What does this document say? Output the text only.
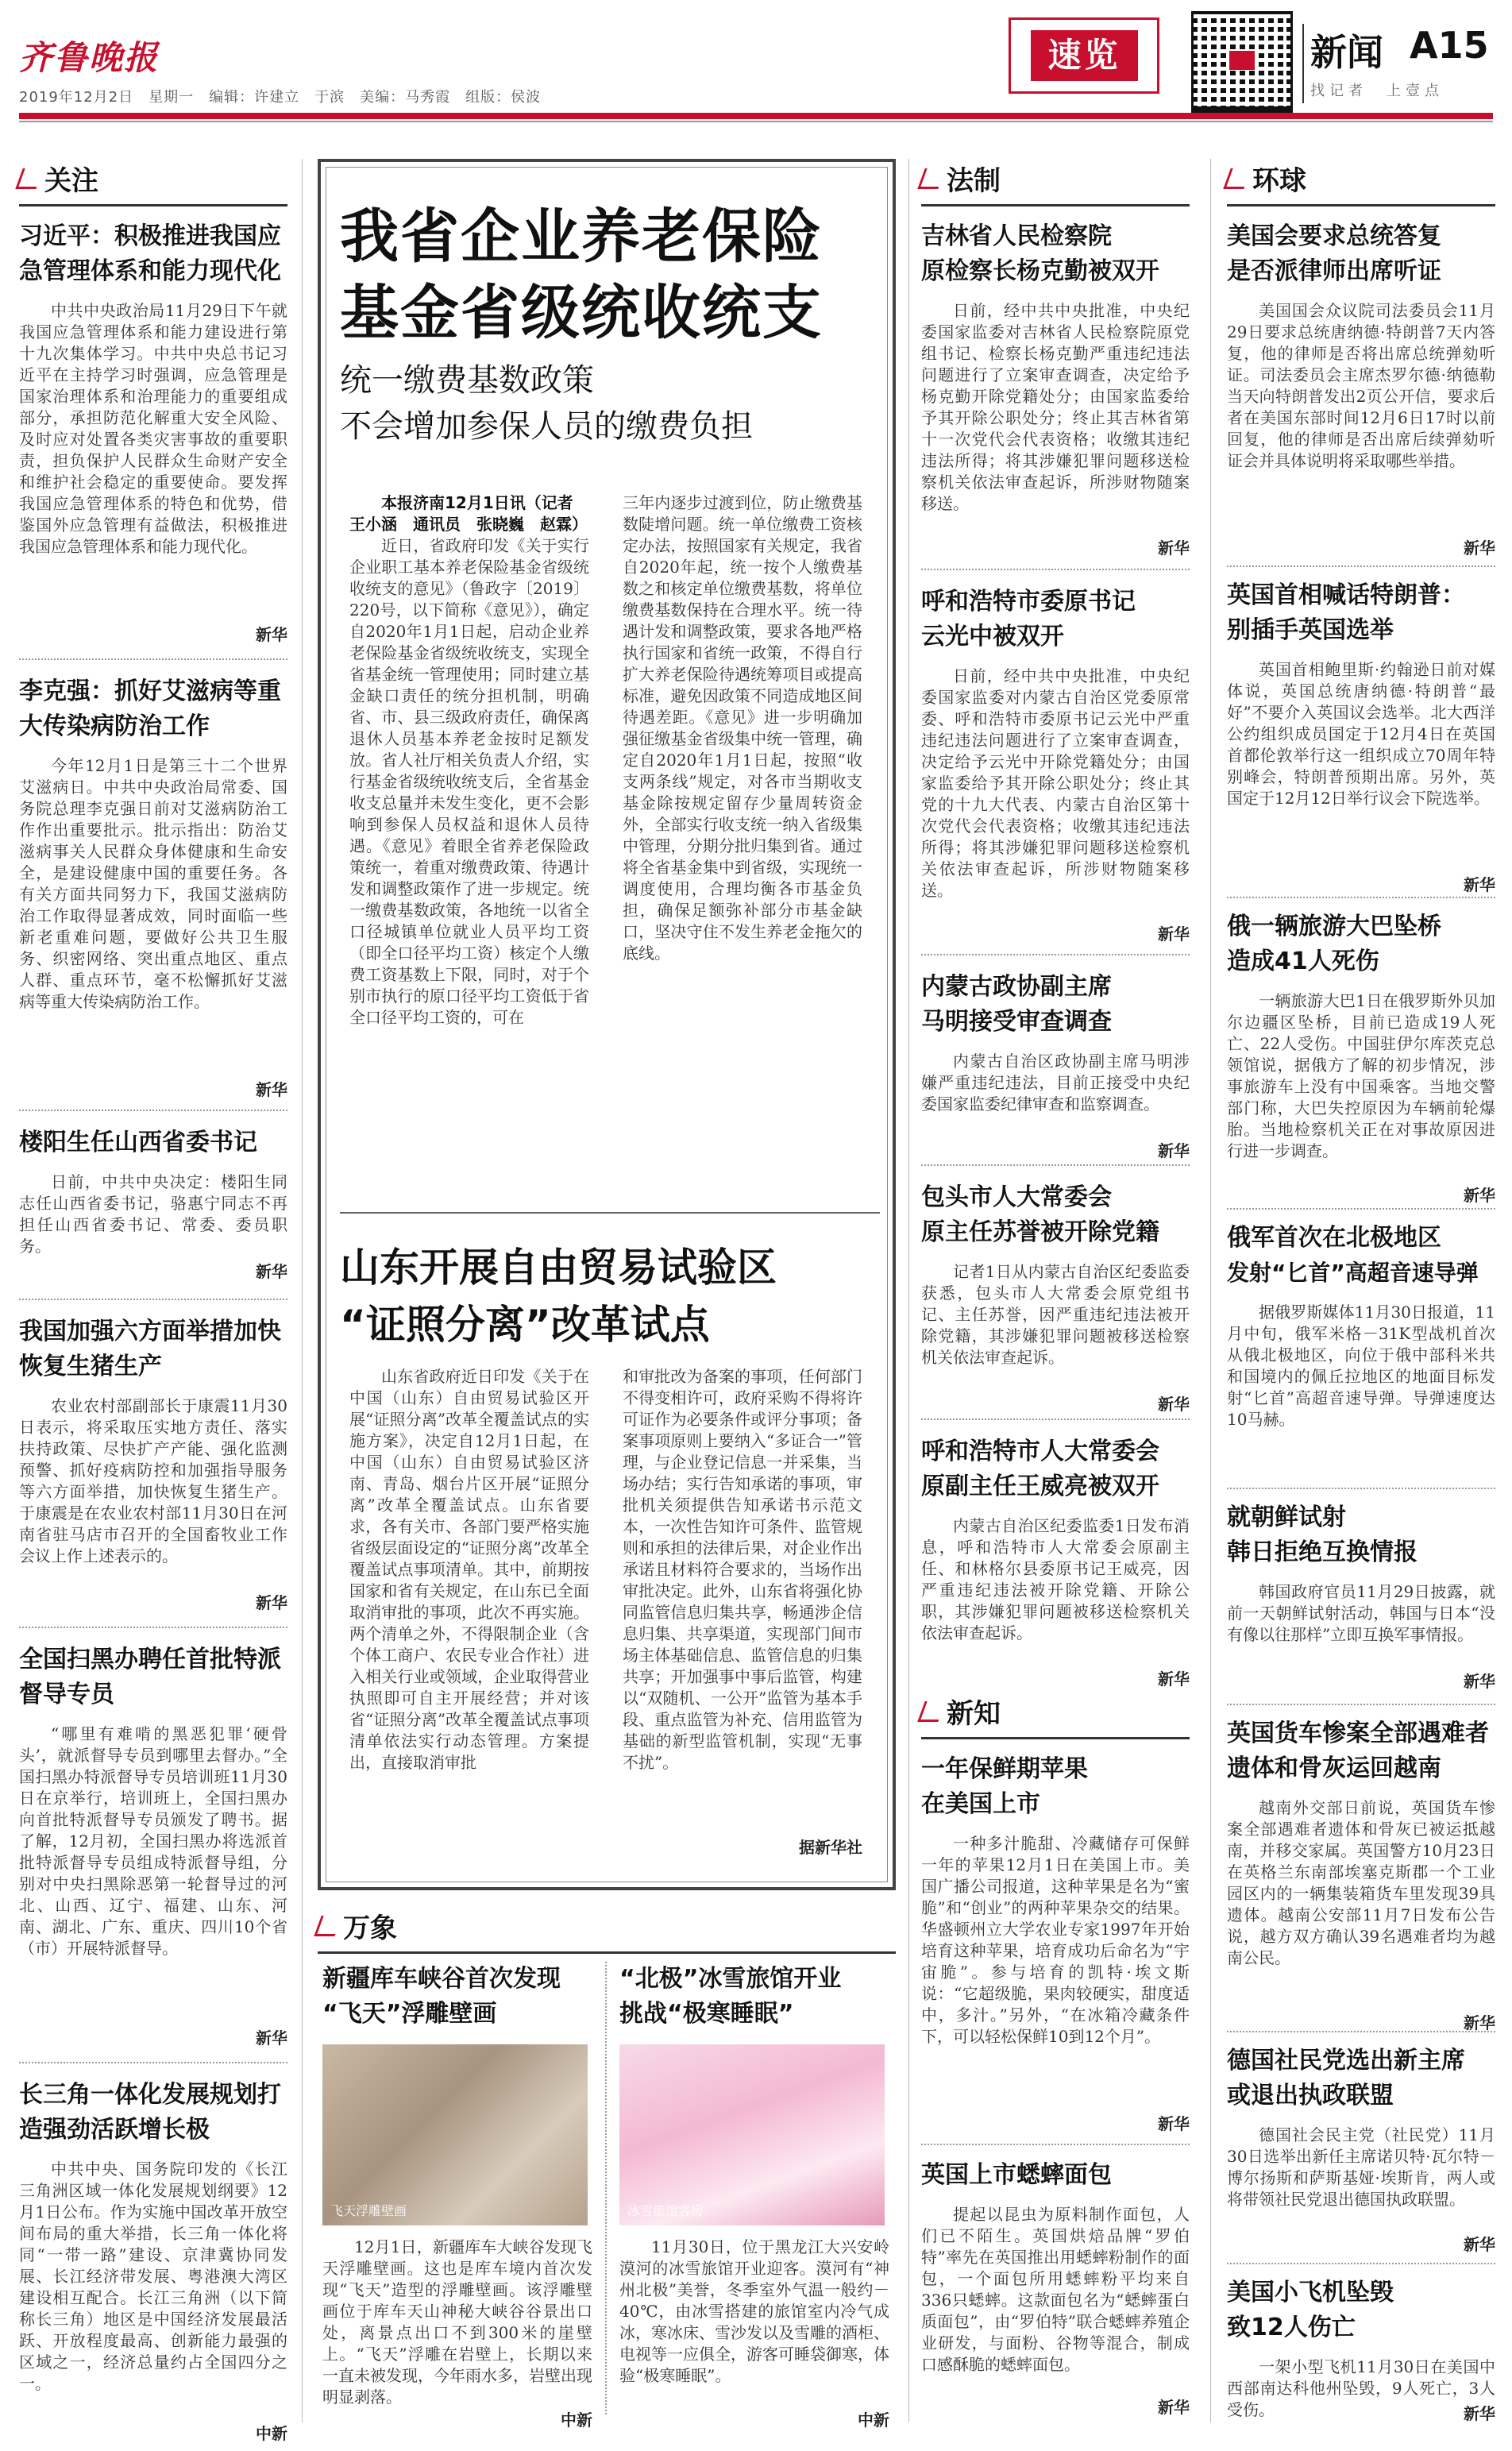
齐鲁晚报
2019年12月2日　星期一　编辑：许建立　于滨　美编：马秀霞　组版：侯波
速览	新闻 A15
找记者　上壹点
关注
习近平：积极推进我国应急管理体系和能力现代化
中共中央政治局11月29日下午就我国应急管理体系和能力建设进行第十九次集体学习。中共中央总书记习近平在主持学习时强调，应急管理是国家治理体系和治理能力的重要组成部分，承担防范化解重大安全风险、及时应对处置各类灾害事故的重要职责，担负保护人民群众生命财产安全和维护社会稳定的重要使命。要发挥我国应急管理体系的特色和优势，借鉴国外应急管理有益做法，积极推进我国应急管理体系和能力现代化。
新华
李克强：抓好艾滋病等重大传染病防治工作
今年12月1日是第三十二个世界艾滋病日。中共中央政治局常委、国务院总理李克强日前对艾滋病防治工作作出重要批示。批示指出：防治艾滋病事关人民群众身体健康和生命安全，是建设健康中国的重要任务。各有关方面共同努力下，我国艾滋病防治工作取得显著成效，同时面临一些新老重难问题，要做好公共卫生服务、织密网络、突出重点地区、重点人群、重点环节，毫不松懈抓好艾滋病等重大传染病防治工作。
新华
楼阳生任山西省委书记
日前，中共中央决定：楼阳生同志任山西省委书记，骆惠宁同志不再担任山西省委书记、常委、委员职务。
新华
我国加强六方面举措加快恢复生猪生产
农业农村部副部长于康震11月30日表示，将采取压实地方责任、落实扶持政策、尽快扩产产能、强化监测预警、抓好疫病防控和加强指导服务等六方面举措，加快恢复生猪生产。于康震是在农业农村部11月30日在河南省驻马店市召开的全国畜牧业工作会议上作上述表示的。
新华
全国扫黑办聘任首批特派督导专员
“哪里有难啃的黑恶犯罪‘硬骨头’，就派督导专员到哪里去督办。”全国扫黑办特派督导专员培训班11月30日在京举行，培训班上，全国扫黑办向首批特派督导专员颁发了聘书。据了解，12月初，全国扫黑办将选派首批特派督导专员组成特派督导组，分别对中央扫黑除恶第一轮督导过的河北、山西、辽宁、福建、山东、河南、湖北、广东、重庆、四川10个省（市）开展特派督导。
新华
长三角一体化发展规划打造强劲活跃增长极
中共中央、国务院印发的《长江三角洲区域一体化发展规划纲要》12月1日公布。作为实施中国改革开放空间布局的重大举措，长三角一体化将同“一带一路”建设、京津冀协同发展、长江经济带发展、粤港澳大湾区建设相互配合。长江三角洲（以下简称长三角）地区是中国经济发展最活跃、开放程度最高、创新能力最强的区域之一，经济总量约占全国四分之一。
中新
我省企业养老保险
基金省级统收统支
统一缴费基数政策
不会增加参保人员的缴费负担
本报济南12月1日讯（记者　王小涵　通讯员　张晓巍　赵霖）
近日，省政府印发《关于实行企业职工基本养老保险基金省级统收统支的意见》（鲁政字〔2019〕220号，以下简称《意见》），确定自2020年1月1日起，启动企业养老保险基金省级统收统支，实现全省基金统一管理使用；同时建立基金缺口责任的统分担机制，明确省、市、县三级政府责任，确保离退休人员基本养老金按时足额发放。省人社厅相关负责人介绍，实行基金省级统收统支后，全省基金收支总量并未发生变化，更不会影响到参保人员权益和退休人员待遇。《意见》着眼全省养老保险政策统一，着重对缴费政策、待遇计发和调整政策作了进一步规定。统一缴费基数政策，各地统一以省全口径城镇单位就业人员平均工资（即全口径平均工资）核定个人缴费工资基数上下限，同时，对于个别市执行的原口径平均工资低于省全口径平均工资的，可在
三年内逐步过渡到位，防止缴费基数陡增问题。统一单位缴费工资核定办法，按照国家有关规定，我省自2020年起，统一按个人缴费基数之和核定单位缴费基数，将单位缴费基数保持在合理水平。统一待遇计发和调整政策，要求各地严格执行国家和省统一政策，不得自行扩大养老保险待遇统筹项目或提高标准，避免因政策不同造成地区间待遇差距。《意见》进一步明确加强征缴基金省级集中统一管理，确定自2020年1月1日起，按照“收支两条线”规定，对各市当期收支基金除按规定留存少量周转资金外，全部实行收支统一纳入省级集中管理，分期分批归集到省。通过将全省基金集中到省级，实现统一调度使用，合理均衡各市基金负担，确保足额弥补部分市基金缺口，坚决守住不发生养老金拖欠的底线。
山东开展自由贸易试验区
“证照分离”改革试点
山东省政府近日印发《关于在中国（山东）自由贸易试验区开展“证照分离”改革全覆盖试点的实施方案》，决定自12月1日起，在中国（山东）自由贸易试验区济南、青岛、烟台片区开展“证照分离”改革全覆盖试点。山东省要求，各有关市、各部门要严格实施省级层面设定的“证照分离”改革全覆盖试点事项清单。其中，前期按国家和省有关规定，在山东已全面取消审批的事项，此次不再实施。两个清单之外，不得限制企业（含个体工商户、农民专业合作社）进入相关行业或领域，企业取得营业执照即可自主开展经营；并对该省“证照分离”改革全覆盖试点事项清单依法实行动态管理。方案提出，直接取消审批
和审批改为备案的事项，任何部门不得变相许可，政府采购不得将许可证作为必要条件或评分事项；备案事项原则上要纳入“多证合一”管理，与企业登记信息一并采集，当场办结；实行告知承诺的事项，审批机关须提供告知承诺书示范文本，一次性告知许可条件、监管规则和承担的法律后果，对企业作出承诺且材料符合要求的，当场作出审批决定。此外，山东省将强化协同监管信息归集共享，畅通涉企信息归集、共享渠道，实现部门间市场主体基础信息、监管信息的归集共享；开加强事中事后监管，构建以“双随机、一公开”监管为基本手段、重点监管为补充、信用监管为基础的新型监管机制，实现“无事不扰”。
据新华社
万象
新疆库车峡谷首次发现
“飞天”浮雕壁画
飞天浮雕壁画
12月1日，新疆库车大峡谷发现飞天浮雕壁画。这也是库车境内首次发现“飞天”造型的浮雕壁画。该浮雕壁画位于库车天山神秘大峡谷谷景出口处，离景点出口不到300米的崖壁上。“飞天”浮雕在岩壁上，长期以来一直未被发现，今年雨水多，岩壁出现明显剥落。
中新
“北极”冰雪旅馆开业
挑战“极寒睡眠”
冰雪旅馆客房
11月30日，位于黑龙江大兴安岭漠河的冰雪旅馆开业迎客。漠河有“神州北极”美誉，冬季室外气温一般约－40℃，由冰雪搭建的旅馆室内冷气成冰，寒冰床、雪沙发以及雪雕的酒柜、电视等一应俱全，游客可睡袋御寒，体验“极寒睡眠”。
中新
法制
吉林省人民检察院
原检察长杨克勤被双开
日前，经中共中央批准，中央纪委国家监委对吉林省人民检察院原党组书记、检察长杨克勤严重违纪违法问题进行了立案审查调查，决定给予杨克勤开除党籍处分；由国家监委给予其开除公职处分；终止其吉林省第十一次党代会代表资格；收缴其违纪违法所得；将其涉嫌犯罪问题移送检察机关依法审查起诉，所涉财物随案移送。
新华
呼和浩特市委原书记
云光中被双开
日前，经中共中央批准，中央纪委国家监委对内蒙古自治区党委原常委、呼和浩特市委原书记云光中严重违纪违法问题进行了立案审查调查，决定给予云光中开除党籍处分；由国家监委给予其开除公职处分；终止其党的十九大代表、内蒙古自治区第十次党代会代表资格；收缴其违纪违法所得；将其涉嫌犯罪问题移送检察机关依法审查起诉，所涉财物随案移送。
新华
内蒙古政协副主席
马明接受审查调查
内蒙古自治区政协副主席马明涉嫌严重违纪违法，目前正接受中央纪委国家监委纪律审查和监察调查。
新华
包头市人大常委会
原主任苏誉被开除党籍
记者1日从内蒙古自治区纪委监委获悉，包头市人大常委会原党组书记、主任苏誉，因严重违纪违法被开除党籍，其涉嫌犯罪问题被移送检察机关依法审查起诉。
新华
呼和浩特市人大常委会
原副主任王威亮被双开
内蒙古自治区纪委监委1日发布消息，呼和浩特市人大常委会原副主任、和林格尔县委原书记王威亮，因严重违纪违法被开除党籍、开除公职，其涉嫌犯罪问题被移送检察机关依法审查起诉。
新华
新知
一年保鲜期苹果
在美国上市
一种多汁脆甜、冷藏储存可保鲜一年的苹果12月1日在美国上市。美国广播公司报道，这种苹果是名为“蜜脆”和“创业”的两种苹果杂交的结果。华盛顿州立大学农业专家1997年开始培育这种苹果，培育成功后命名为“宇宙脆”。参与培育的凯特·埃文斯说：“它超级脆，果肉较硬实，甜度适中，多汁。”另外，“在冰箱冷藏条件下，可以轻松保鲜10到12个月”。
新华
英国上市蟋蟀面包
提起以昆虫为原料制作面包，人们已不陌生。英国烘焙品牌“罗伯特”率先在英国推出用蟋蟀粉制作的面包，一个面包所用蟋蟀粉平均来自336只蟋蟀。这款面包名为“蟋蟀蛋白质面包”，由“罗伯特”联合蟋蟀养殖企业研发，与面粉、谷物等混合，制成口感酥脆的蟋蟀面包。
新华
环球
美国会要求总统答复
是否派律师出席听证
美国国会众议院司法委员会11月29日要求总统唐纳德·特朗普7天内答复，他的律师是否将出席总统弹劾听证。司法委员会主席杰罗尔德·纳德勒当天向特朗普发出2页公开信，要求后者在美国东部时间12月6日17时以前回复，他的律师是否出席后续弹劾听证会并具体说明将采取哪些举措。
新华
英国首相喊话特朗普：
别插手英国选举
英国首相鲍里斯·约翰逊日前对媒体说，英国总统唐纳德·特朗普“最好”不要介入英国议会选举。北大西洋公约组织成员国定于12月4日在英国首都伦敦举行这一组织成立70周年特别峰会，特朗普预期出席。另外，英国定于12月12日举行议会下院选举。
新华
俄一辆旅游大巴坠桥
造成41人死伤
一辆旅游大巴1日在俄罗斯外贝加尔边疆区坠桥，目前已造成19人死亡、22人受伤。中国驻伊尔库茨克总领馆说，据俄方了解的初步情况，涉事旅游车上没有中国乘客。当地交警部门称，大巴失控原因为车辆前轮爆胎。当地检察机关正在对事故原因进行进一步调查。
新华
俄军首次在北极地区
发射“匕首”高超音速导弹
据俄罗斯媒体11月30日报道，11月中旬，俄军米格－31K型战机首次从俄北极地区，向位于俄中部科米共和国境内的佩丘拉地区的地面目标发射“匕首”高超音速导弹。导弹速度达10马赫。
就朝鲜试射
韩日拒绝互换情报
韩国政府官员11月29日披露，就前一天朝鲜试射活动，韩国与日本“没有像以往那样”立即互换军事情报。
新华
英国货车惨案全部遇难者
遗体和骨灰运回越南
越南外交部日前说，英国货车惨案全部遇难者遗体和骨灰已被运抵越南，并移交家属。英国警方10月23日在英格兰东南部埃塞克斯郡一个工业园区内的一辆集装箱货车里发现39具遗体。越南公安部11月7日发布公告说，越方双方确认39名遇难者均为越南公民。
新华
德国社民党选出新主席
或退出执政联盟
德国社会民主党（社民党）11月30日选举出新任主席诺贝特·瓦尔特－博尔扬斯和萨斯基娅·埃斯肯，两人或将带领社民党退出德国执政联盟。
新华
美国小飞机坠毁
致12人伤亡
一架小型飞机11月30日在美国中西部南达科他州坠毁，9人死亡，3人受伤。	新华
